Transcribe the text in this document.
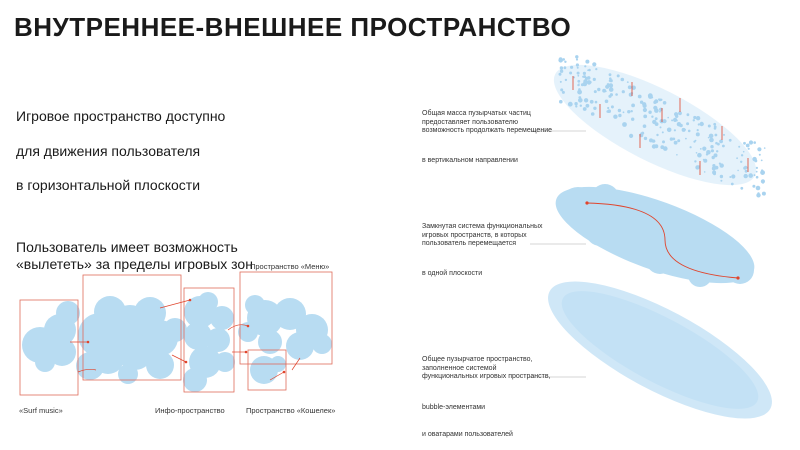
ВНУТРЕННЕЕ-ВНЕШНЕЕ ПРОСТРАНСТВО
Игровое пространство доступно
для движения пользователя
в горизонтальной плоскости
Пользователь имеет возможность
«вылететь» за пределы игровых зон
«Surf music»	Инфо-пространство	Пространство «Кошелек»
Пространство «Меню»
Общая масса пузырчатых частиц предоставляет пользователю возможность продолжать перемещение
в вертикальном направлении
Замкнутая система функциональных игровых пространств, в которых пользователь перемещается
в одной плоскости
Общее пузырчатое пространство, заполненное системой функциональных игровых пространств,
bubble-элементами
и оватарами пользователей
